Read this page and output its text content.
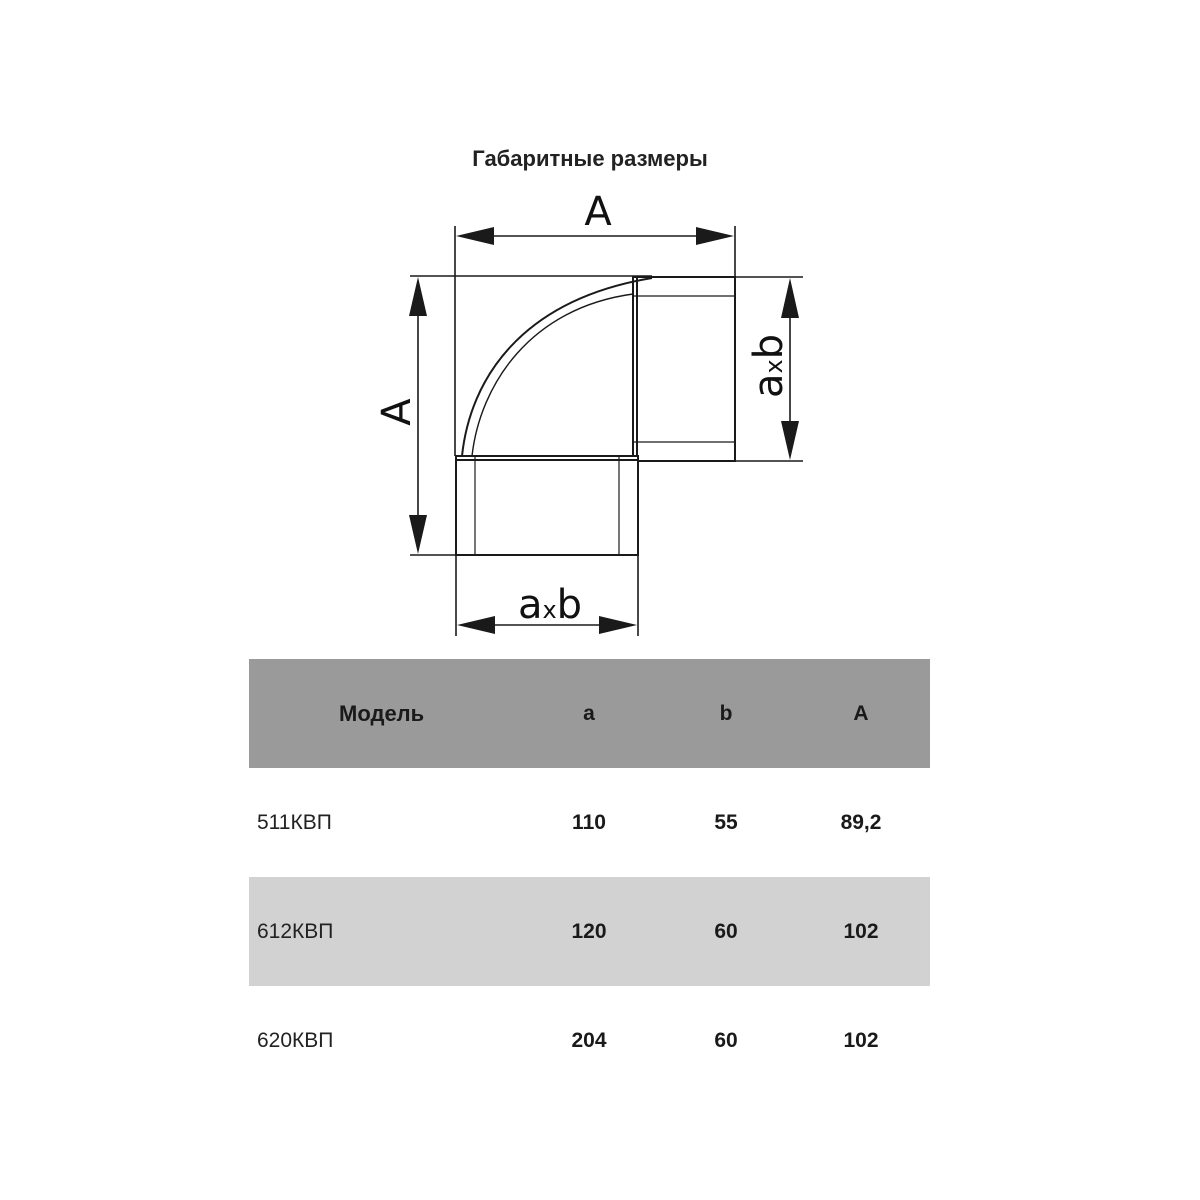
Габаритные размеры
A
A
axb
axb
Модель	a	b	A
511КВП	110	55	89,2
612КВП	120	60	102
620КВП	204	60	102
